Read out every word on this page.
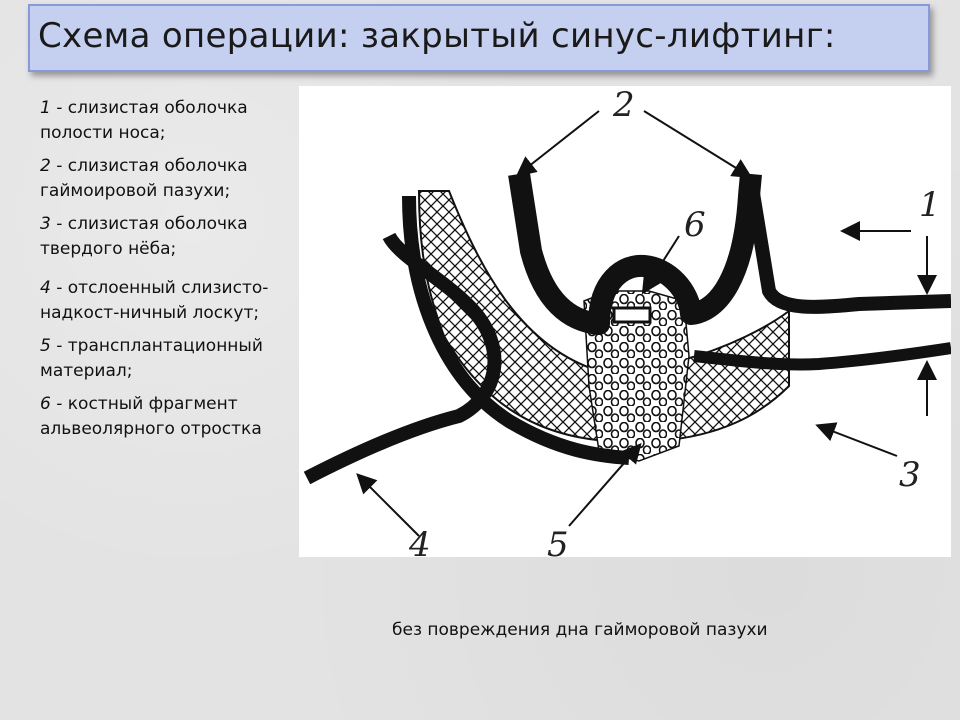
Схема операции: закрытый синус-лифтинг:
1 - слизистая оболочка полости носа;
2 - слизистая оболочка гаймоировой пазухи;
3 - слизистая оболочка твердого нёба;
4 - отслоенный слизисто-надкост-ничный лоскут;
5 - трансплантационный материал;
6 - костный фрагмент альвеолярного отростка
2
1
6
3
4	5
без повреждения дна гайморовой пазухи
